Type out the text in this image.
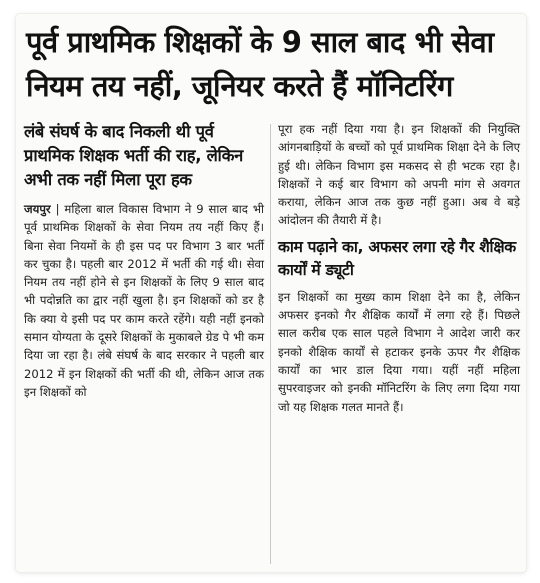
पूर्व प्राथमिक शिक्षकों के 9 साल बाद भी सेवा
नियम तय नहीं, जूनियर करते हैं मॉनिटरिंग

लंबे संघर्ष के बाद निकली थी पूर्व प्राथमिक शिक्षक भर्ती की राह, लेकिन अभी तक नहीं मिला पूरा हक

जयपुर | महिला बाल विकास विभाग ने 9 साल बाद भी पूर्व प्राथमिक शिक्षकों के सेवा नियम तय नहीं किए हैं। बिना सेवा नियमों के ही इस पद पर विभाग 3 बार भर्ती कर चुका है। पहली बार 2012 में भर्ती की गई थी। सेवा नियम तय नहीं होने से इन शिक्षकों के लिए 9 साल बाद भी पदोन्नति का द्वार नहीं खुला है। इन शिक्षकों को डर है कि क्या ये इसी पद पर काम करते रहेंगे। यही नहीं इनको समान योग्यता के दूसरे शिक्षकों के मुकाबले ग्रेड पे भी कम दिया जा रहा है। लंबे संघर्ष के बाद सरकार ने पहली बार 2012 में इन शिक्षकों की भर्ती की थी, लेकिन आज तक इन शिक्षकों को

पूरा हक नहीं दिया गया है। इन शिक्षकों की नियुक्ति आंगनबाड़ियों के बच्चों को पूर्व प्राथमिक शिक्षा देने के लिए हुई थी। लेकिन विभाग इस मकसद से ही भटक रहा है। शिक्षकों ने कई बार विभाग को अपनी मांग से अवगत कराया, लेकिन आज तक कुछ नहीं हुआ। अब वे बड़े आंदोलन की तैयारी में है।

काम पढ़ाने का, अफसर लगा रहे गैर शैक्षिक कार्यों में ड्यूटी

इन शिक्षकों का मुख्य काम शिक्षा देने का है, लेकिन अफसर इनको गैर शैक्षिक कार्यों में लगा रहे हैं। पिछले साल करीब एक साल पहले विभाग ने आदेश जारी कर इनको शैक्षिक कार्यों से हटाकर इनके ऊपर गैर शैक्षिक कार्यों का भार डाल दिया गया। यहीं नहीं महिला सुपरवाइजर को इनकी मॉनिटरिंग के लिए लगा दिया गया जो यह शिक्षक गलत मानते हैं।
